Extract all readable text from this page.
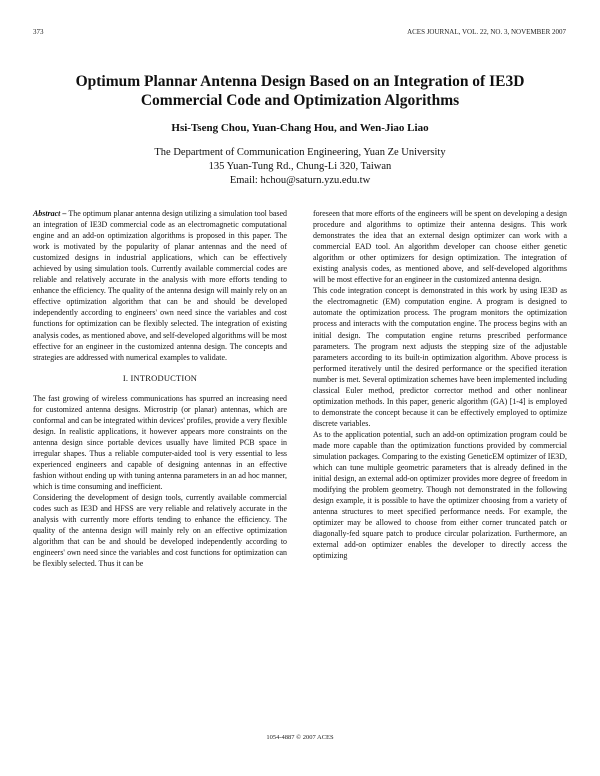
373	ACES JOURNAL, VOL. 22, NO. 3, NOVEMBER 2007
Optimum Plannar Antenna Design Based on an Integration of IE3D
Commercial Code and Optimization Algorithms
Hsi-Tseng Chou, Yuan-Chang Hou, and Wen-Jiao Liao
The Department of Communication Engineering, Yuan Ze University
135 Yuan-Tung Rd., Chung-Li 320, Taiwan
Email: hchou@saturn.yzu.edu.tw

Abstract – The optimum planar antenna design utilizing a simulation tool based an integration of IE3D commercial code as an electromagnetic computational engine and an add-on optimization algorithms is proposed in this paper. The work is motivated by the popularity of planar antennas and the need of customized designs in industrial applications, which can be effectively achieved by using simulation tools. Currently available commercial codes are reliable and relatively accurate in the analysis with more efforts tending to enhance the efficiency. The quality of the antenna design will mainly rely on an effective optimization algorithm that can be and should be developed independently according to engineers' own need since the variables and cost functions for optimization can be flexibly selected. The integration of existing analysis codes, as mentioned above, and self-developed algorithms will be most effective for an engineer in the customized antenna design. The concepts and strategies are addressed with numerical examples to validate.

I. INTRODUCTION

The fast growing of wireless communications has spurred an increasing need for customized antenna designs. Microstrip (or planar) antennas, which are conformal and can be integrated within devices' profiles, provide a very flexible design. In realistic applications, it however appears more constraints on the antenna design since portable devices usually have limited PCB space in irregular shapes. Thus a reliable computer-aided tool is very essential to less experienced engineers and capable of designing antennas in an effective fashion without ending up with tuning antenna parameters in an ad hoc manner, which is time consuming and inefficient.

Considering the development of design tools, currently available commercial codes such as IE3D and HFSS are very reliable and relatively accurate in the analysis with currently more efforts tending to enhance the efficiency. The quality of the antenna design will mainly rely on an effective optimization algorithm that can be and should be developed independently according to engineers' own need since the variables and cost functions for optimization can be flexibly selected. Thus it can be

foreseen that more efforts of the engineers will be spent on developing a design procedure and algorithms to optimize their antenna designs. This work demonstrates the idea that an external design optimizer can work with a commercial EAD tool. An algorithm developer can choose either genetic algorithm or other optimizers for design optimization. The integration of existing analysis codes, as mentioned above, and self-developed algorithms will be most effective for an engineer in the customized antenna design.

This code integration concept is demonstrated in this work by using IE3D as the electromagnetic (EM) computation engine. A program is designed to automate the optimization process. The program monitors the optimization process and interacts with the computation engine. The process begins with an initial design. The computation engine returns prescribed performance parameters. The program next adjusts the stepping size of the adjustable parameters according to its built-in optimization algorithm. Above process is performed iteratively until the desired performance or the specified iteration number is met. Several optimization schemes have been implemented including classical Euler method, predictor corrector method and other nonlinear optimization methods. In this paper, generic algorithm (GA) [1-4] is employed to demonstrate the concept because it can be effectively employed to optimize discrete variables.

As to the application potential, such an add-on optimization program could be made more capable than the optimization functions provided by commercial simulation packages. Comparing to the existing GeneticEM optimizer of IE3D, which can tune multiple geometric parameters that is already defined in the initial design, an external add-on optimizer provides more degree of freedom in modifying the problem geometry. Though not demonstrated in the following design example, it is possible to have the optimizer choosing from a variety of antenna structures to meet specified performance needs. For example, the optimizer may be allowed to choose from either corner truncated patch or diagonally-fed square patch to produce circular polarization. Furthermore, an external add-on optimizer enables the developer to directly access the optimizing

1054-4887 © 2007 ACES
